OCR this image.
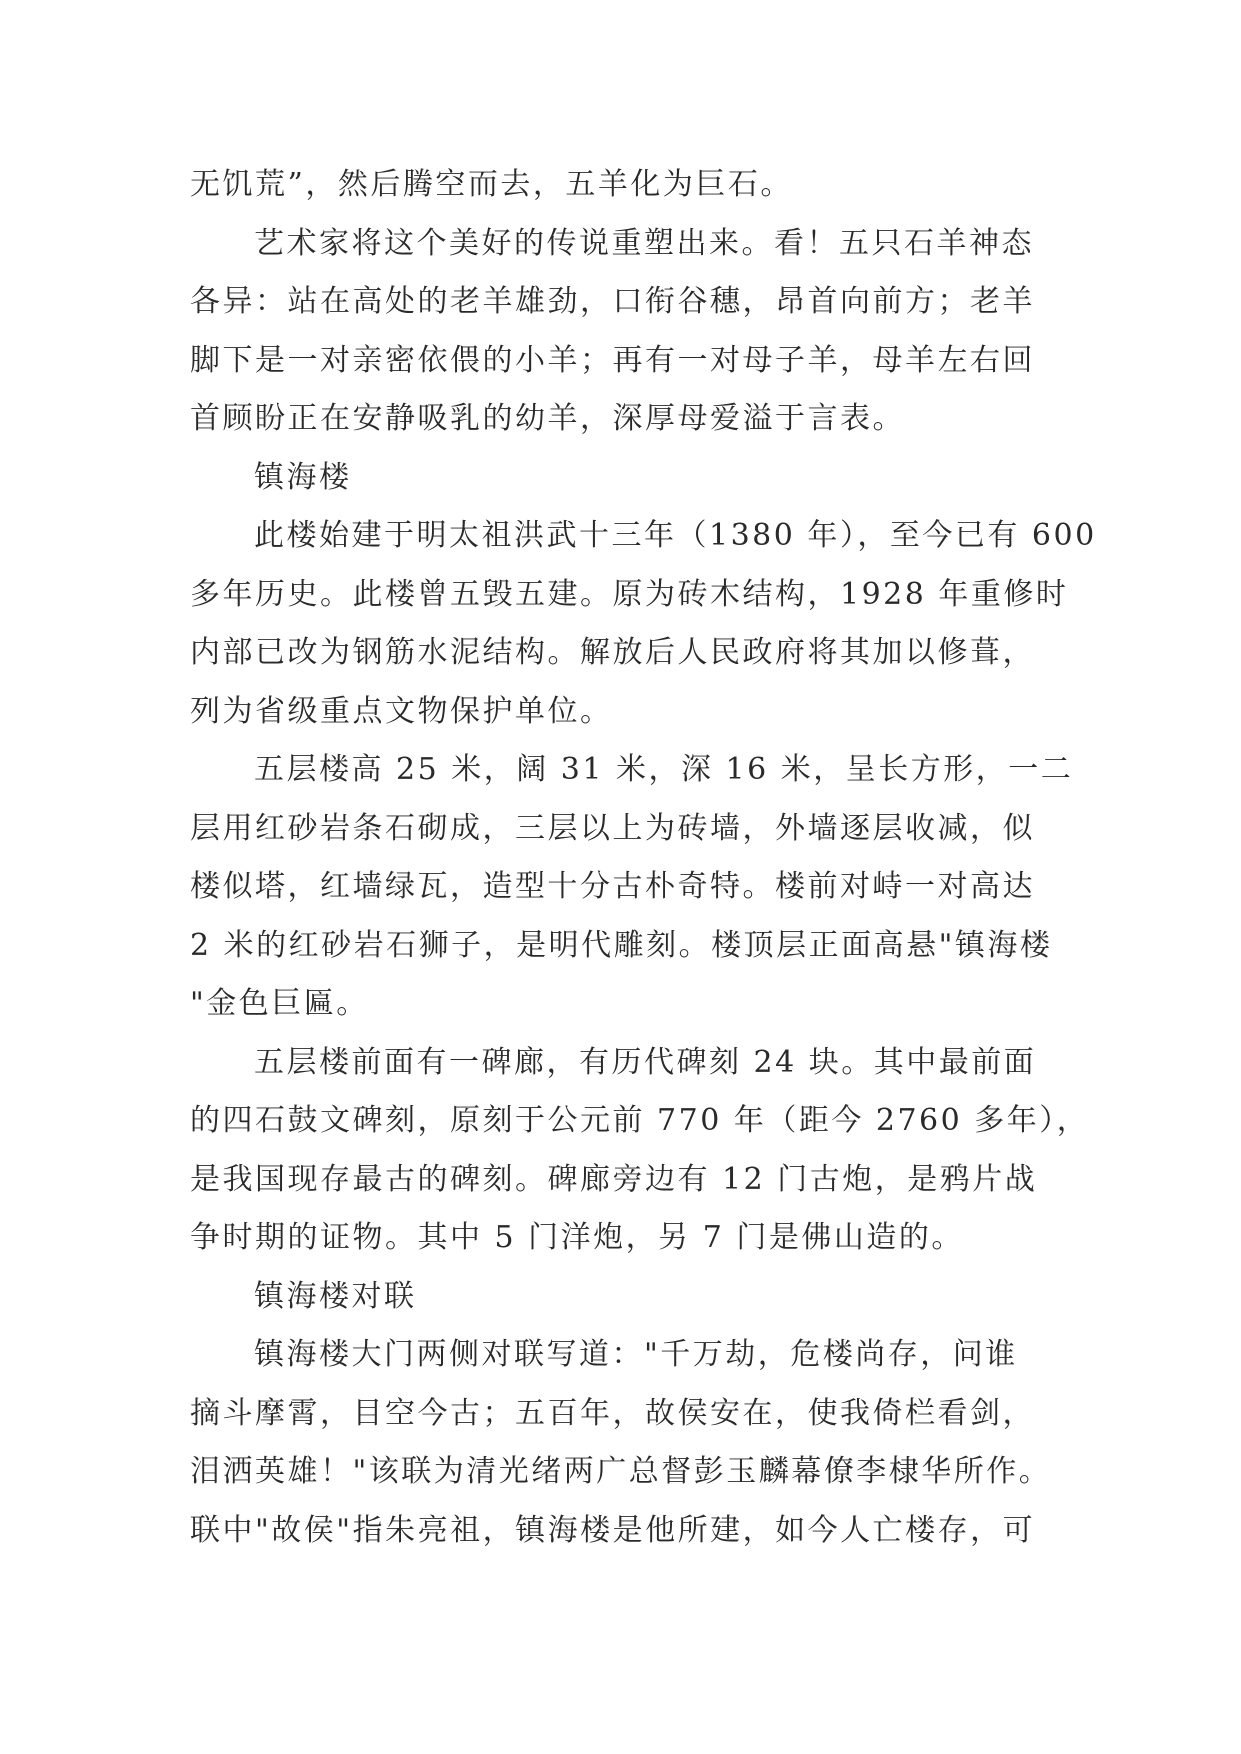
无饥荒”，然后腾空而去，五羊化为巨石。
艺术家将这个美好的传说重塑出来。看！五只石羊神态
各异：站在高处的老羊雄劲，口衔谷穗，昂首向前方；老羊
脚下是一对亲密依偎的小羊；再有一对母子羊，母羊左右回
首顾盼正在安静吸乳的幼羊，深厚母爱溢于言表。
镇海楼
此楼始建于明太祖洪武十三年（1380 年），至今已有 600
多年历史。此楼曾五毁五建。原为砖木结构，1928 年重修时
内部已改为钢筋水泥结构。解放后人民政府将其加以修葺，
列为省级重点文物保护单位。
五层楼高 25 米，阔 31 米，深 16 米，呈长方形，一二
层用红砂岩条石砌成，三层以上为砖墙，外墙逐层收减，似
楼似塔，红墙绿瓦，造型十分古朴奇特。楼前对峙一对高达
2 米的红砂岩石狮子，是明代雕刻。楼顶层正面高悬"镇海楼
"金色巨匾。
五层楼前面有一碑廊，有历代碑刻 24 块。其中最前面
的四石鼓文碑刻，原刻于公元前 770 年（距今 2760 多年），
是我国现存最古的碑刻。碑廊旁边有 12 门古炮，是鸦片战
争时期的证物。其中 5 门洋炮，另 7 门是佛山造的。
镇海楼对联
镇海楼大门两侧对联写道："千万劫，危楼尚存，问谁
摘斗摩霄，目空今古；五百年，故侯安在，使我倚栏看剑，
泪洒英雄！"该联为清光绪两广总督彭玉麟幕僚李棣华所作。
联中"故侯"指朱亮祖，镇海楼是他所建，如今人亡楼存，可
